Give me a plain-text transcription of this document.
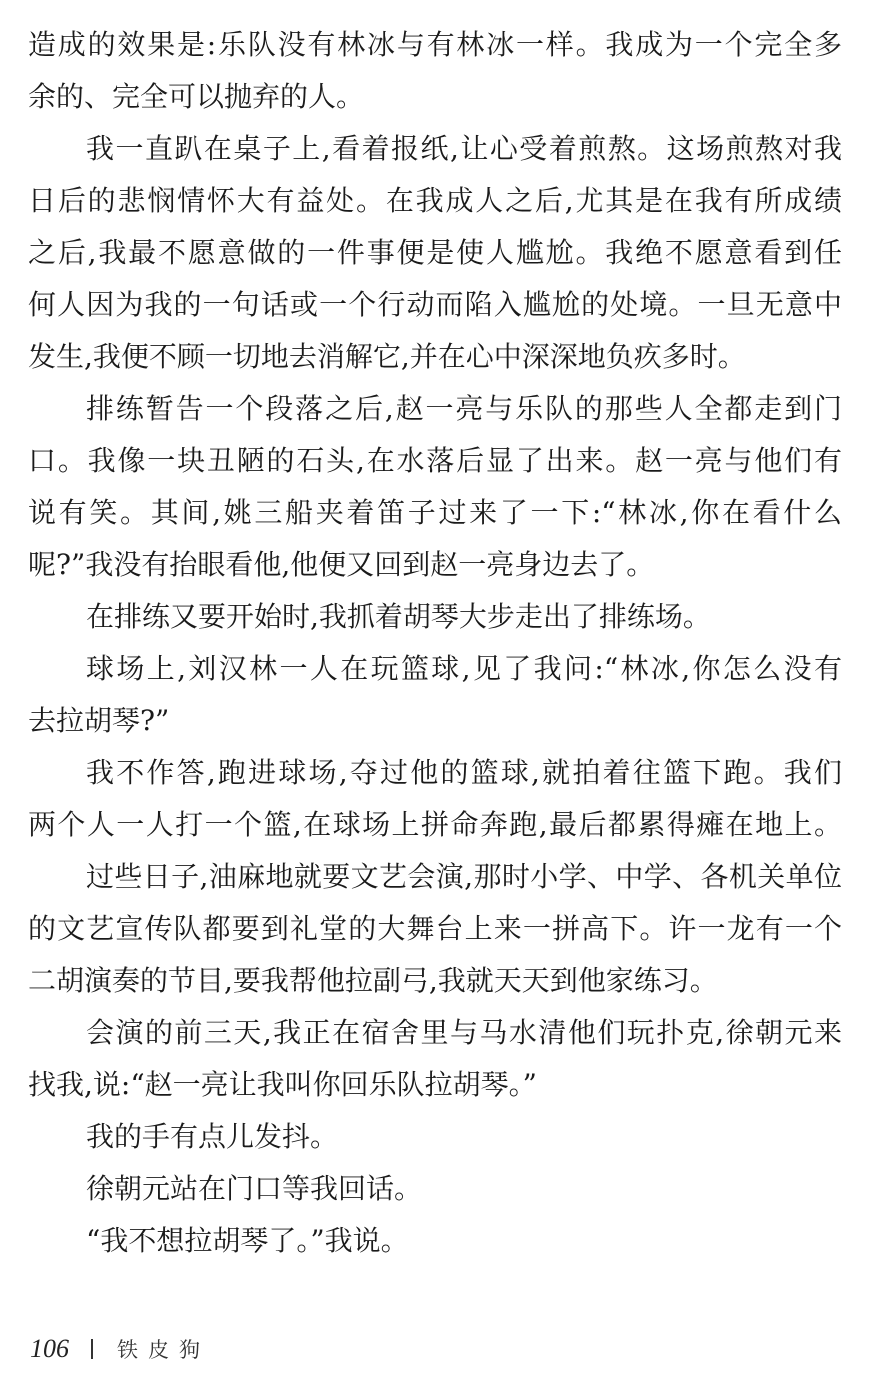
造成的效果是:乐队没有林冰与有林冰一样。我成为一个完全多
余的、完全可以抛弃的人。
我一直趴在桌子上,看着报纸,让心受着煎熬。这场煎熬对我
日后的悲悯情怀大有益处。在我成人之后,尤其是在我有所成绩
之后,我最不愿意做的一件事便是使人尴尬。我绝不愿意看到任
何人因为我的一句话或一个行动而陷入尴尬的处境。一旦无意中
发生,我便不顾一切地去消解它,并在心中深深地负疚多时。
排练暂告一个段落之后,赵一亮与乐队的那些人全都走到门
口。我像一块丑陋的石头,在水落后显了出来。赵一亮与他们有
说有笑。其间,姚三船夹着笛子过来了一下:“林冰,你在看什么
呢?”我没有抬眼看他,他便又回到赵一亮身边去了。
在排练又要开始时,我抓着胡琴大步走出了排练场。
球场上,刘汉林一人在玩篮球,见了我问:“林冰,你怎么没有
去拉胡琴?”
我不作答,跑进球场,夺过他的篮球,就拍着往篮下跑。我们
两个人一人打一个篮,在球场上拼命奔跑,最后都累得瘫在地上。
过些日子,油麻地就要文艺会演,那时小学、中学、各机关单位
的文艺宣传队都要到礼堂的大舞台上来一拼高下。许一龙有一个
二胡演奏的节目,要我帮他拉副弓,我就天天到他家练习。
会演的前三天,我正在宿舍里与马水清他们玩扑克,徐朝元来
找我,说:“赵一亮让我叫你回乐队拉胡琴。”
我的手有点儿发抖。
徐朝元站在门口等我回话。
“我不想拉胡琴了。”我说。
106 铁皮狗
